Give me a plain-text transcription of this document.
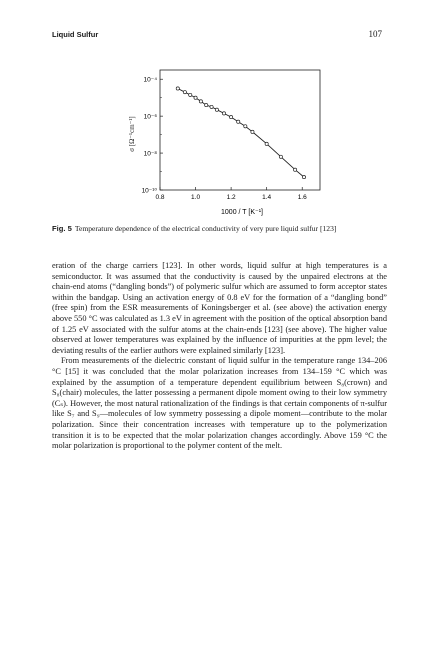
Liquid Sulfur	107
σ [Ω⁻¹cm⁻¹]
0.8	1.0	1.2	1.4	1.6
10⁻⁴
10⁻⁶
10⁻⁸
10⁻¹⁰
1000 / T [K⁻¹]
Fig. 5 Temperature dependence of the electrical conductivity of very pure liquid sulfur [123]

eration of the charge carriers [123]. In other words, liquid sulfur at high temperatures is a semiconductor. It was assumed that the conductivity is caused by the unpaired electrons at the chain-end atoms (“dangling bonds”) of polymeric sulfur which are assumed to form acceptor states within the bandgap. Using an activation energy of 0.8 eV for the formation of a “dangling bond” (free spin) from the ESR measurements of Koningsberger et al. (see above) the activation energy above 550 °C was calculated as 1.3 eV in agreement with the position of the optical absorption band of 1.25 eV associated with the sulfur atoms at the chain-ends [123] (see above). The higher value observed at lower temperatures was explained by the influence of impurities at the ppm level; the deviating results of the earlier authors were explained similarly [123].

From measurements of the dielectric constant of liquid sulfur in the temperature range 134–206 °C [15] it was concluded that the molar polarization increases from 134–159 °C which was explained by the assumption of a temperature dependent equilibrium between S₈(crown) and S₈(chair) molecules, the latter possessing a permanent dipole moment owing to their low symmetry (Cₛ). However, the most natural rationalization of the findings is that certain components of π-sulfur like S₇ and S₉—molecules of low symmetry possessing a dipole moment—contribute to the molar polarization. Since their concentration increases with temperature up to the polymerization transition it is to be expected that the molar polarization changes accordingly. Above 159 °C the molar polarization is proportional to the polymer content of the melt.
